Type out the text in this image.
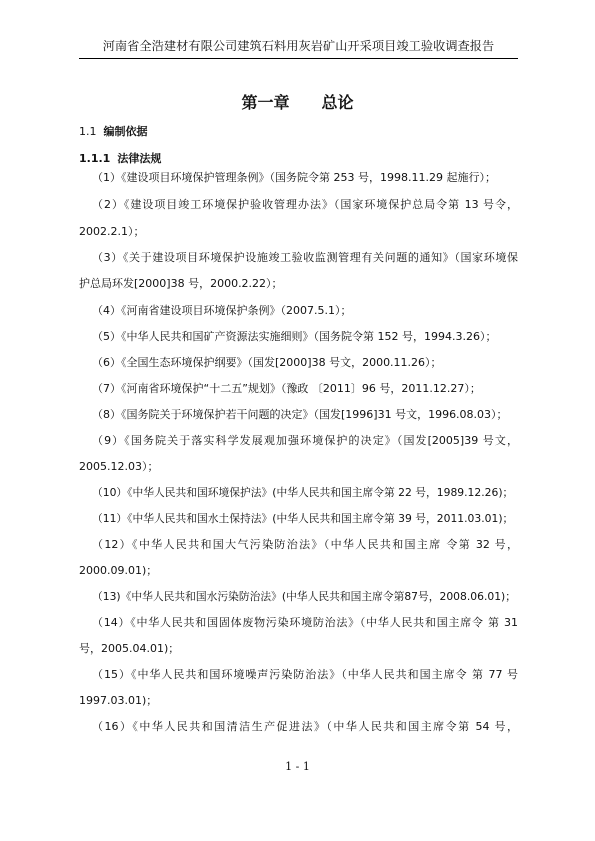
河南省全浩建材有限公司建筑石料用灰岩矿山开采项目竣工验收调查报告
第一章　　总论
1.1 编制依据
1.1.1 法律法规
（1）《建设项目环境保护管理条例》（国务院令第 253 号，1998.11.29 起施行）；
（2）《建设项目竣工环境保护验收管理办法》（国家环境保护总局令第 13 号令，
2002.2.1）；
（3）《关于建设项目环境保护设施竣工验收监测管理有关问题的通知》（国家环境保
护总局环发[2000]38 号，2000.2.22）；
（4）《河南省建设项目环境保护条例》（2007.5.1）；
（5）《中华人民共和国矿产资源法实施细则》（国务院令第 152 号，1994.3.26）；
（6）《全国生态环境保护纲要》（国发[2000]38 号文，2000.11.26）；
（7）《河南省环境保护“十二五”规划》（豫政 〔2011〕96 号，2011.12.27）；
（8）《国务院关于环境保护若干问题的决定》（国发[1996]31 号文，1996.08.03）；
（9）《国务院关于落实科学发展观加强环境保护的决定》（国发[2005]39 号文，
2005.12.03）；
（10）《中华人民共和国环境保护法》(中华人民共和国主席令第 22 号，1989.12.26)；
（11）《中华人民共和国水土保持法》(中华人民共和国主席令第 39 号，2011.03.01)；
（12）《中华人民共和国大气污染防治法》（中华人民共和国主席 令第 32 号，
2000.09.01)；
（13)《中华人民共和国水污染防治法》(中华人民共和国主席令第87号，2008.06.01)；
（14）《中华人民共和国固体废物污染环境防治法》（中华人民共和国主席令 第 31
号，2005.04.01)；
（15）《中华人民共和国环境噪声污染防治法》（中华人民共和国主席令 第 77 号
1997.03.01)；
（16）《中华人民共和国清洁生产促进法》（中华人民共和国主席令第 54 号，
1 - 1
